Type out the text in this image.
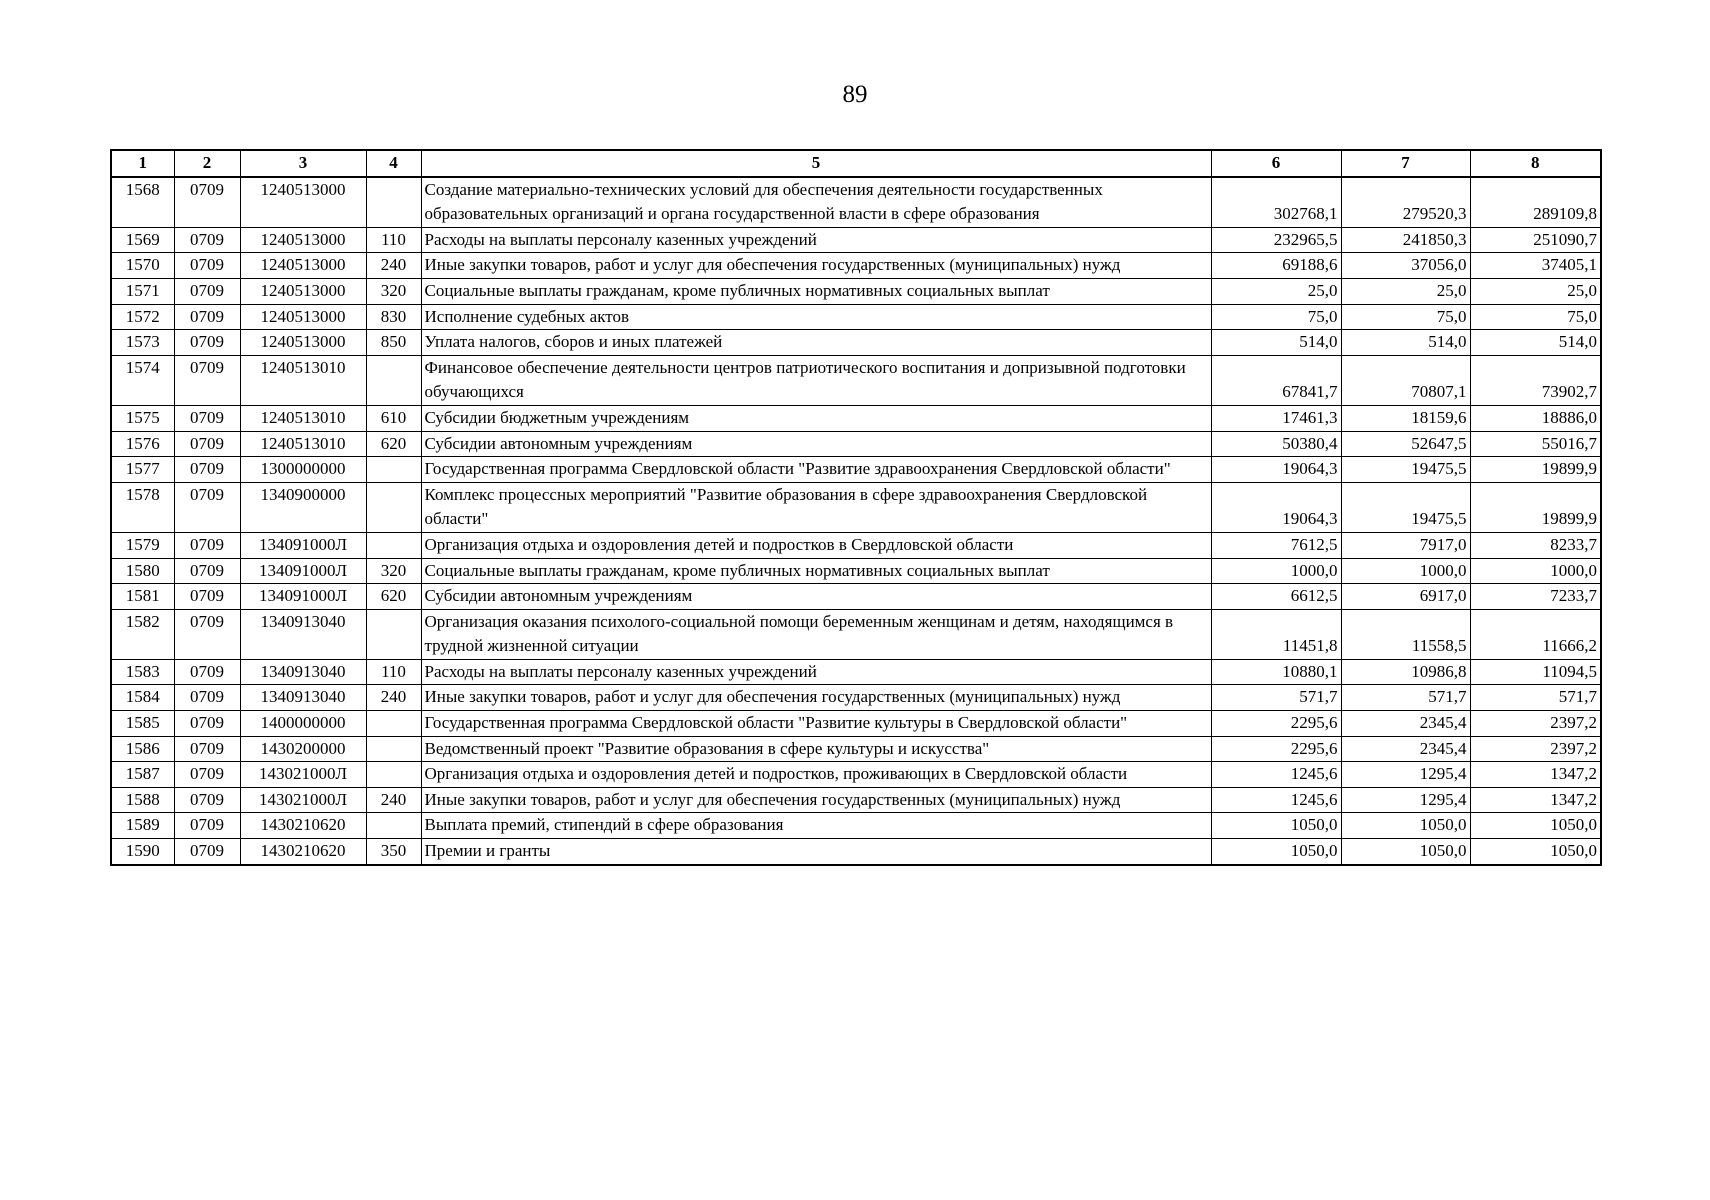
89
1	2	3	4	5	6	7	8
1568	0709	1240513000		Создание материально-технических условий для обеспечения деятельности государственных образовательных организаций и органа государственной власти в сфере образования	302768,1	279520,3	289109,8
1569	0709	1240513000	110	Расходы на выплаты персоналу казенных учреждений	232965,5	241850,3	251090,7
1570	0709	1240513000	240	Иные закупки товаров, работ и услуг для обеспечения государственных (муниципальных) нужд	69188,6	37056,0	37405,1
1571	0709	1240513000	320	Социальные выплаты гражданам, кроме публичных нормативных социальных выплат	25,0	25,0	25,0
1572	0709	1240513000	830	Исполнение судебных актов	75,0	75,0	75,0
1573	0709	1240513000	850	Уплата налогов, сборов и иных платежей	514,0	514,0	514,0
1574	0709	1240513010		Финансовое обеспечение деятельности центров патриотического воспитания и допризывной подготовки обучающихся	67841,7	70807,1	73902,7
1575	0709	1240513010	610	Субсидии бюджетным учреждениям	17461,3	18159,6	18886,0
1576	0709	1240513010	620	Субсидии автономным учреждениям	50380,4	52647,5	55016,7
1577	0709	1300000000		Государственная программа Свердловской области "Развитие здравоохранения Свердловской области"	19064,3	19475,5	19899,9
1578	0709	1340900000		Комплекс процессных мероприятий "Развитие образования в сфере здравоохранения Свердловской области"	19064,3	19475,5	19899,9
1579	0709	134091000Л		Организация отдыха и оздоровления детей и подростков в Свердловской области	7612,5	7917,0	8233,7
1580	0709	134091000Л	320	Социальные выплаты гражданам, кроме публичных нормативных социальных выплат	1000,0	1000,0	1000,0
1581	0709	134091000Л	620	Субсидии автономным учреждениям	6612,5	6917,0	7233,7
1582	0709	1340913040		Организация оказания психолого-социальной помощи беременным женщинам и детям, находящимся в трудной жизненной ситуации	11451,8	11558,5	11666,2
1583	0709	1340913040	110	Расходы на выплаты персоналу казенных учреждений	10880,1	10986,8	11094,5
1584	0709	1340913040	240	Иные закупки товаров, работ и услуг для обеспечения государственных (муниципальных) нужд	571,7	571,7	571,7
1585	0709	1400000000		Государственная программа Свердловской области "Развитие культуры в Свердловской области"	2295,6	2345,4	2397,2
1586	0709	1430200000		Ведомственный проект "Развитие образования в сфере культуры и искусства"	2295,6	2345,4	2397,2
1587	0709	143021000Л		Организация отдыха и оздоровления детей и подростков, проживающих в Свердловской области	1245,6	1295,4	1347,2
1588	0709	143021000Л	240	Иные закупки товаров, работ и услуг для обеспечения государственных (муниципальных) нужд	1245,6	1295,4	1347,2
1589	0709	1430210620		Выплата премий, стипендий в сфере образования	1050,0	1050,0	1050,0
1590	0709	1430210620	350	Премии и гранты	1050,0	1050,0	1050,0
